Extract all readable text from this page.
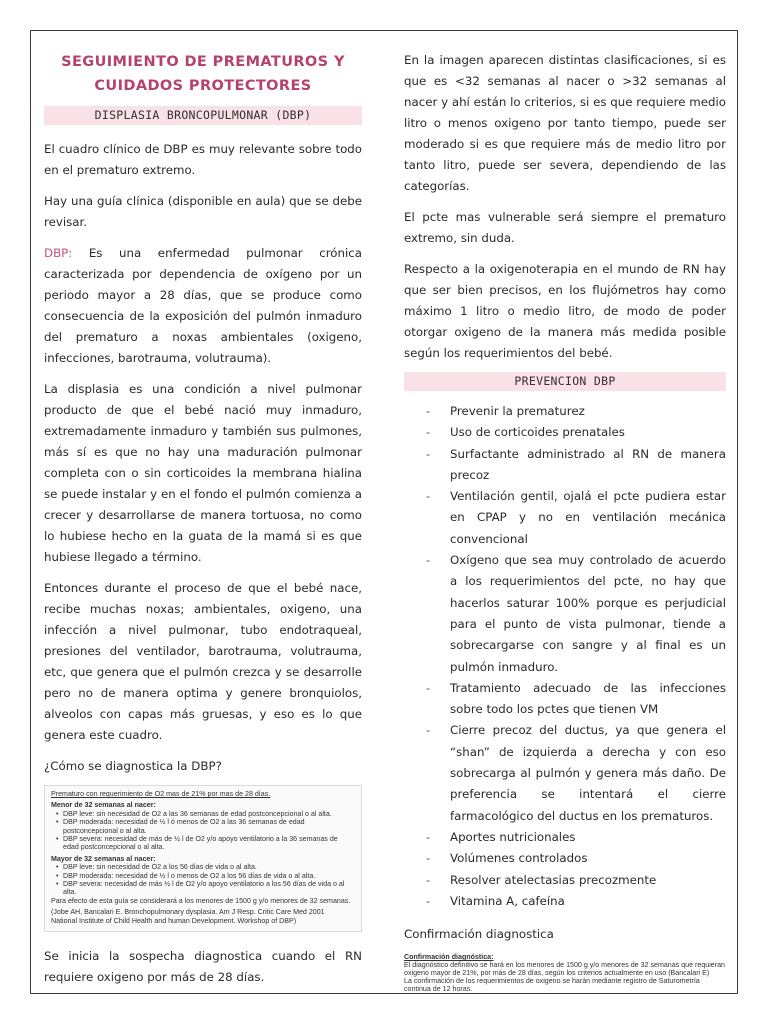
SEGUIMIENTO DE PREMATUROS Y
CUIDADOS PROTECTORES
DISPLASIA BRONCOPULMONAR (DBP)

El cuadro clínico de DBP es muy relevante sobre todo en el prematuro extremo.

Hay una guía clínica (disponible en aula) que se debe revisar.

DBP: Es una enfermedad pulmonar crónica caracterizada por dependencia de oxígeno por un periodo mayor a 28 días, que se produce como consecuencia de la exposición del pulmón inmaduro del prematuro a noxas ambientales (oxigeno, infecciones, barotrauma, volutrauma).

La displasia es una condición a nivel pulmonar producto de que el bebé nació muy inmaduro, extremadamente inmaduro y también sus pulmones, más sí es que no hay una maduración pulmonar completa con o sin corticoides la membrana hialina se puede instalar y en el fondo el pulmón comienza a crecer y desarrollarse de manera tortuosa, no como lo hubiese hecho en la guata de la mamá si es que hubiese llegado a término.

Entonces durante el proceso de que el bebé nace, recibe muchas noxas; ambientales, oxigeno, una infección a nivel pulmonar, tubo endotraqueal, presiones del ventilador, barotrauma, volutrauma, etc, que genera que el pulmón crezca y se desarrolle pero no de manera optima y genere bronquiolos, alveolos con capas más gruesas, y eso es lo que genera este cuadro.

¿Cómo se diagnostica la DBP?

Prematuro con requerimiento de O2 mas de 21% por mas de 28 días.
Menor de 32 semanas al nacer:
• DBP leve: sin necesidad de O2 a las 36 semanas de edad postconcepcional o al alta.
• DBP moderada: necesidad de ½ l ó menos de O2 a las 36 semanas de edad postconcepcional o al alta.
• DBP severa: necesidad de más de ½ l de O2 y/o apoyo ventilatorio a la 36 semanas de edad postconcepcional o al alta.
Mayor de 32 semanas al nacer:
• DBP leve: sin necesidad de O2 a los 56 días de vida o al alta.
• DBP moderada: necesidad de ½ l o menos de O2 a los 56 días de vida o al alta.
• DBP severa: necesidad de más ½ l de O2 y/o apoyo ventilatorio a los 56 días de vida o al alta.
Para efecto de esta guía se considerará a los menores de 1500 g y/o menores de 32 semanas.
(Jobe AH, Bancalari E. Bronchopulmonary dysplasia. Am J Resp. Critic Care Med 2001
National Institute of Child Health and human Development. Workshop of DBP)

Se inicia la sospecha diagnostica cuando el RN requiere oxigeno por más de 28 días.

En la imagen aparecen distintas clasificaciones, si es que es <32 semanas al nacer o >32 semanas al nacer y ahí están lo criterios, si es que requiere medio litro o menos oxigeno por tanto tiempo, puede ser moderado si es que requiere más de medio litro por tanto litro, puede ser severa, dependiendo de las categorías.

El pcte mas vulnerable será siempre el prematuro extremo, sin duda.

Respecto a la oxigenoterapia en el mundo de RN hay que ser bien precisos, en los flujómetros hay como máximo 1 litro o medio litro, de modo de poder otorgar oxigeno de la manera más medida posible según los requerimientos del bebé.

PREVENCION DBP
- Prevenir la prematurez
- Uso de corticoides prenatales
- Surfactante administrado al RN de manera precoz
- Ventilación gentil, ojalá el pcte pudiera estar en CPAP y no en ventilación mecánica convencional
- Oxígeno que sea muy controlado de acuerdo a los requerimientos del pcte, no hay que hacerlos saturar 100% porque es perjudicial para el punto de vista pulmonar, tiende a sobrecargarse con sangre y al final es un pulmón inmaduro.
- Tratamiento adecuado de las infecciones sobre todo los pctes que tienen VM
- Cierre precoz del ductus, ya que genera el “shan” de izquierda a derecha y con eso sobrecarga al pulmón y genera más daño. De preferencia se intentará el cierre farmacológico del ductus en los prematuros.
- Aportes nutricionales
- Volúmenes controlados
- Resolver atelectasias precozmente
- Vitamina A, cafeína

Confirmación diagnostica

Confirmación diagnóstica:
El diagnóstico definitivo se hará en los menores de 1500 g y/o menores de 32 semanas que requieran oxigeno mayor de 21%, por más de 28 días, según los criterios actualmente en uso (Bancalari E)
La confirmación de los requerimientos de oxigeno se harán mediante registro de Saturometría continua de 12 horas.
